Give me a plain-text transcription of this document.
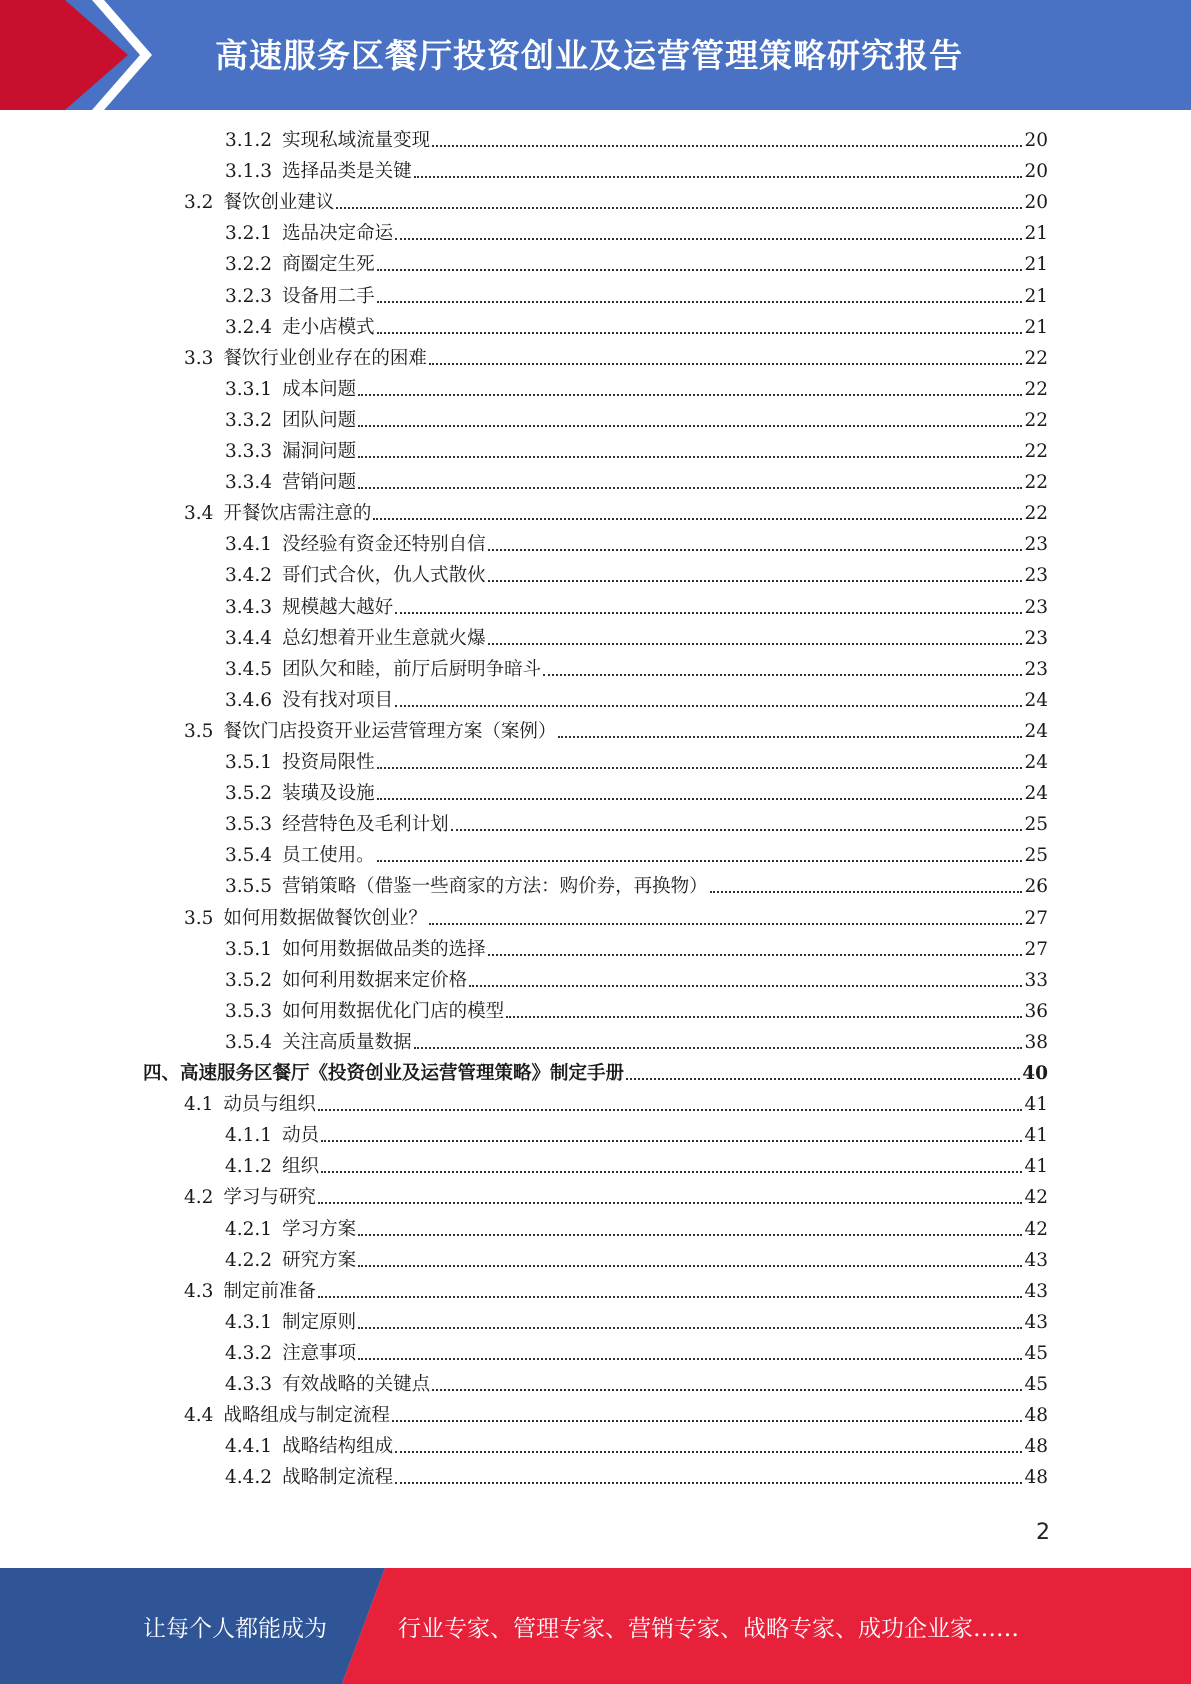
高速服务区餐厅投资创业及运营管理策略研究报告
3.1.2 实现私域流量变现	20
3.1.3 选择品类是关键	20
3.2 餐饮创业建议	20
3.2.1 选品决定命运	21
3.2.2 商圈定生死	21
3.2.3 设备用二手	21
3.2.4 走小店模式	21
3.3 餐饮行业创业存在的困难	22
3.3.1 成本问题	22
3.3.2 团队问题	22
3.3.3 漏洞问题	22
3.3.4 营销问题	22
3.4 开餐饮店需注意的	22
3.4.1 没经验有资金还特别自信	23
3.4.2 哥们式合伙，仇人式散伙	23
3.4.3 规模越大越好	23
3.4.4 总幻想着开业生意就火爆	23
3.4.5 团队欠和睦，前厅后厨明争暗斗	23
3.4.6 没有找对项目	24
3.5 餐饮门店投资开业运营管理方案（案例）	24
3.5.1 投资局限性	24
3.5.2 装璜及设施	24
3.5.3 经营特色及毛利计划	25
3.5.4 员工使用。	25
3.5.5 营销策略（借鉴一些商家的方法：购价券，再换物）	26
3.5 如何用数据做餐饮创业？	27
3.5.1 如何用数据做品类的选择	27
3.5.2 如何利用数据来定价格	33
3.5.3 如何用数据优化门店的模型	36
3.5.4 关注高质量数据	38
四、 高速服务区餐厅《投资创业及运营管理策略》制定手册	40
4.1 动员与组织	41
4.1.1 动员	41
4.1.2 组织	41
4.2 学习与研究	42
4.2.1 学习方案	42
4.2.2 研究方案	43
4.3 制定前准备	43
4.3.1 制定原则	43
4.3.2 注意事项	45
4.3.3 有效战略的关键点	45
4.4 战略组成与制定流程	48
4.4.1 战略结构组成	48
4.4.2 战略制定流程	48
2
让每个人都能成为	行业专家、管理专家、营销专家、战略专家、成功企业家……
